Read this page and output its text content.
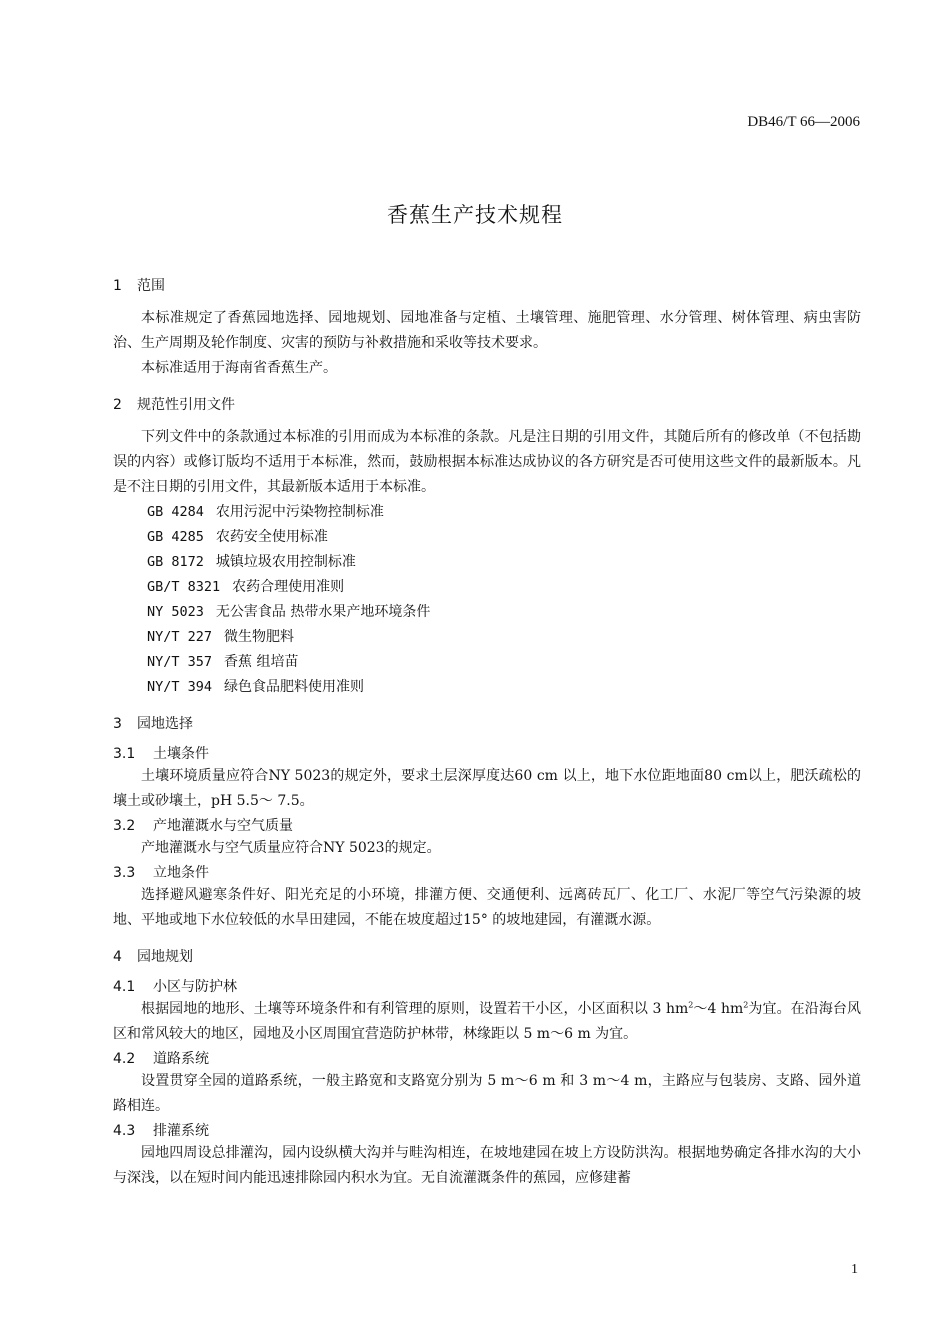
DB46/T 66—2006
香蕉生产技术规程
1 范围
本标准规定了香蕉园地选择、园地规划、园地准备与定植、土壤管理、施肥管理、水分管理、树体管理、病虫害防治、生产周期及轮作制度、灾害的预防与补救措施和采收等技术要求。
本标准适用于海南省香蕉生产。
2 规范性引用文件
下列文件中的条款通过本标准的引用而成为本标准的条款。凡是注日期的引用文件，其随后所有的修改单（不包括勘误的内容）或修订版均不适用于本标准，然而，鼓励根据本标准达成协议的各方研究是否可使用这些文件的最新版本。凡是不注日期的引用文件，其最新版本适用于本标准。
GB 4284 农用污泥中污染物控制标准
GB 4285 农药安全使用标准
GB 8172 城镇垃圾农用控制标准
GB/T 8321 农药合理使用准则
NY 5023 无公害食品 热带水果产地环境条件
NY/T 227 微生物肥料
NY/T 357 香蕉 组培苗
NY/T 394 绿色食品肥料使用准则
3 园地选择
3.1 土壤条件
土壤环境质量应符合NY 5023的规定外，要求土层深厚度达60 cm 以上，地下水位距地面80 cm以上，肥沃疏松的壤土或砂壤土，pH 5.5～ 7.5。
3.2 产地灌溉水与空气质量
产地灌溉水与空气质量应符合NY 5023的规定。
3.3 立地条件
选择避风避寒条件好、阳光充足的小环境，排灌方便、交通便利、远离砖瓦厂、化工厂、水泥厂等空气污染源的坡地、平地或地下水位较低的水旱田建园，不能在坡度超过15° 的坡地建园，有灌溉水源。
4 园地规划
4.1 小区与防护林
根据园地的地形、土壤等环境条件和有利管理的原则，设置若干小区，小区面积以 3 $hm^2\sim 4$ $hm^2$为宜。在沿海台风区和常风较大的地区，园地及小区周围宜营造防护林带，林缘距以 5 m～6 m 为宜。
4.2 道路系统
设置贯穿全园的道路系统，一般主路宽和支路宽分别为 5 m～6 m 和 3 m～4 m，主路应与包装房、支路、园外道路相连。
4.3 排灌系统
园地四周设总排灌沟，园内设纵横大沟并与畦沟相连，在坡地建园在坡上方设防洪沟。根据地势确定各排水沟的大小与深浅，以在短时间内能迅速排除园内积水为宜。无自流灌溉条件的蕉园，应修建蓄
1
